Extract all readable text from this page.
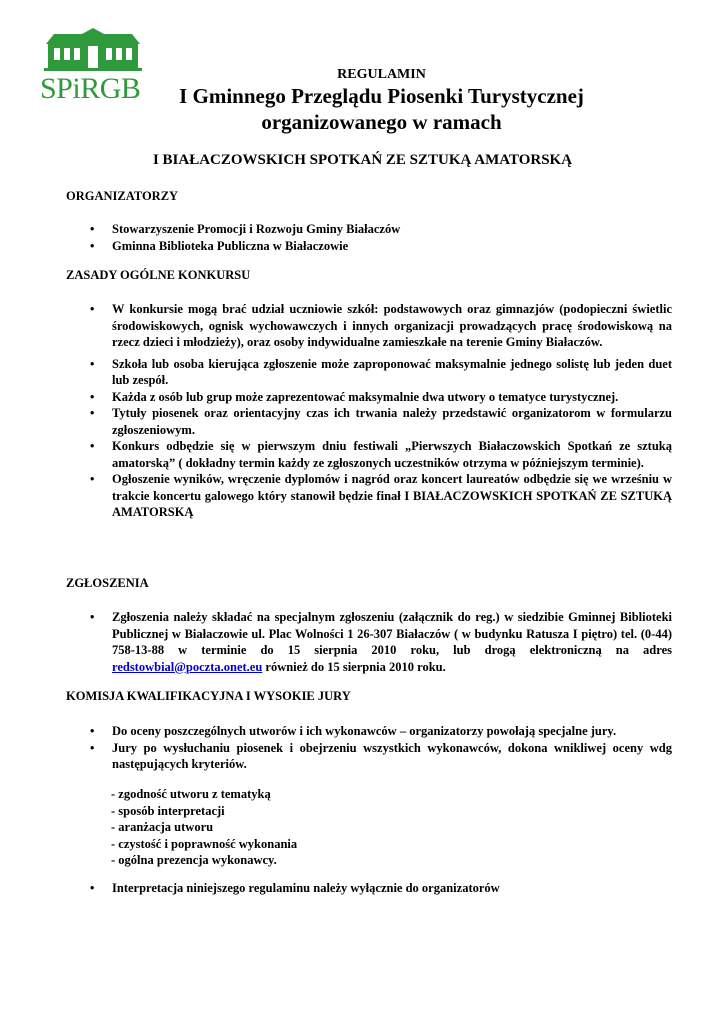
SPiRGB	REGULAMIN
I Gminnego Przeglądu Piosenki Turystycznej
organizowanego w ramach
I BIAŁACZOWSKICH SPOTKAŃ ZE SZTUKĄ AMATORSKĄ
ORGANIZATORZY
• Stowarzyszenie Promocji i Rozwoju Gminy Białaczów
• Gminna Biblioteka Publiczna w Białaczowie
ZASADY OGÓLNE KONKURSU
• W konkursie mogą brać udział uczniowie szkół: podstawowych oraz gimnazjów (podopieczni świetlic środowiskowych, ognisk wychowawczych i innych organizacji prowadzących pracę środowiskową na rzecz dzieci i młodzieży), oraz osoby indywidualne zamieszkałe na terenie Gminy Białaczów.
• Szkoła lub osoba kierująca zgłoszenie może zaproponować maksymalnie jednego solistę lub jeden duet lub zespół.
• Każda z osób lub grup może zaprezentować maksymalnie dwa utwory o tematyce turystycznej.
• Tytuły piosenek oraz orientacyjny czas ich trwania należy przedstawić organizatorom w formularzu zgłoszeniowym.
• Konkurs odbędzie się w pierwszym dniu festiwali „Pierwszych Białaczowskich Spotkań ze sztuką amatorską” ( dokładny termin każdy ze zgłoszonych uczestników otrzyma w późniejszym terminie).
• Ogłoszenie wyników, wręczenie dyplomów i nagród oraz koncert laureatów odbędzie się we wrześniu w trakcie koncertu galowego który stanowił będzie finał I BIAŁACZOWSKICH SPOTKAŃ ZE SZTUKĄ AMATORSKĄ
ZGŁOSZENIA
• Zgłoszenia należy składać na specjalnym zgłoszeniu (załącznik do reg.) w siedzibie Gminnej Biblioteki Publicznej w Białaczowie ul. Plac Wolności 1 26-307 Białaczów ( w budynku Ratusza I piętro) tel. (0-44) 758-13-88 w terminie do 15 sierpnia 2010 roku, lub drogą elektroniczną na adres redstowbial@poczta.onet.eu również do 15 sierpnia 2010 roku.
KOMISJA KWALIFIKACYJNA I WYSOKIE JURY
• Do oceny poszczególnych utworów i ich wykonawców – organizatorzy powołają specjalne jury.
• Jury po wysłuchaniu piosenek i obejrzeniu wszystkich wykonawców, dokona wnikliwej oceny wdg następujących kryteriów.
- zgodność utworu z tematyką
- sposób interpretacji
- aranżacja utworu
- czystość i poprawność wykonania
- ogólna prezencja wykonawcy.
• Interpretacja niniejszego regulaminu należy wyłącznie do organizatorów
